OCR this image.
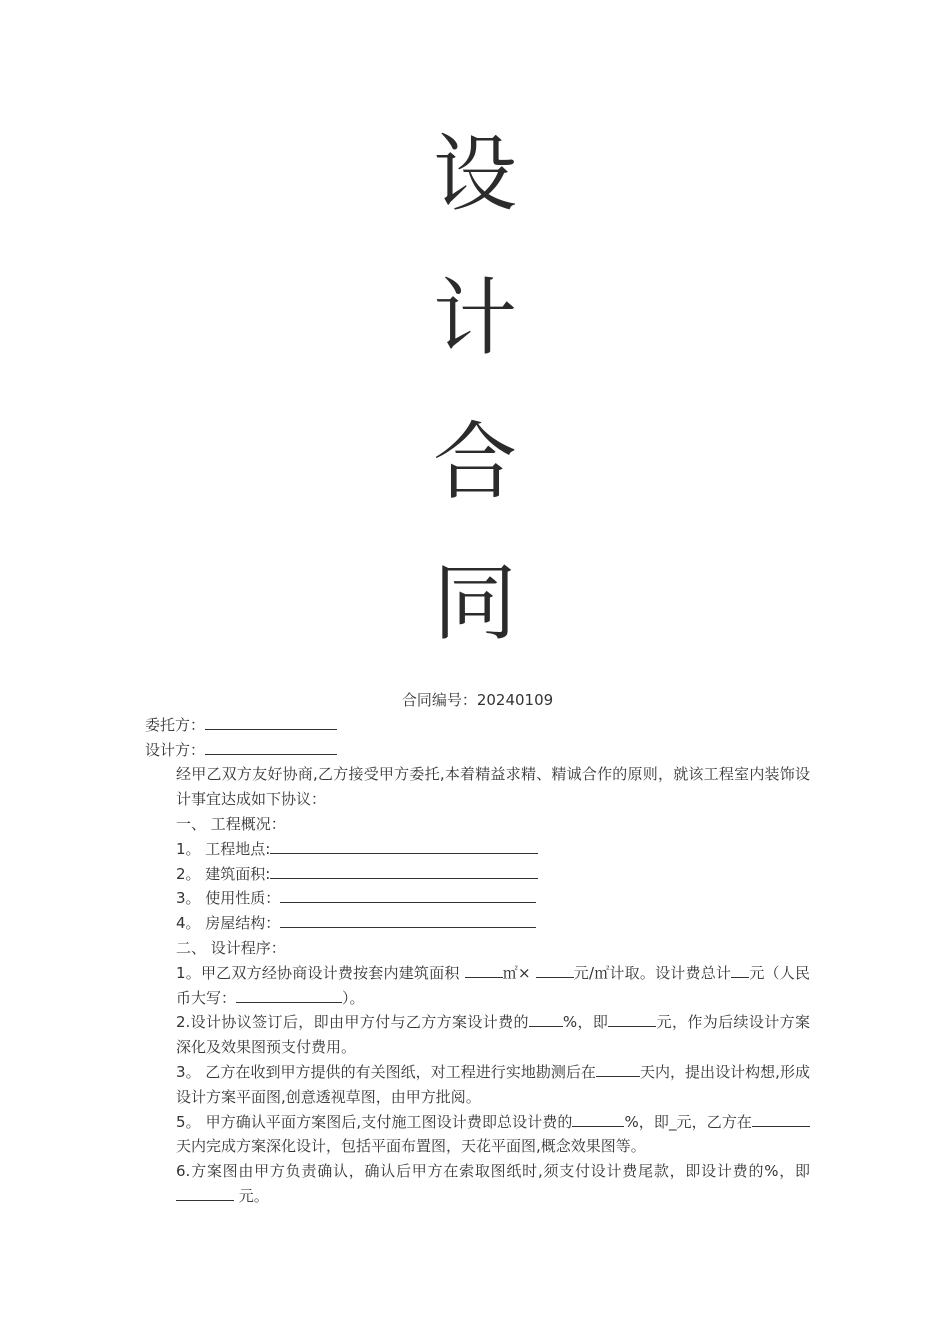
设
计
合
同

合同编号：20240109

委托方：

设计方：

经甲乙双方友好协商,乙方接受甲方委托,本着精益求精、精诚合作的原则，就该工程室内装饰设计事宜达成如下协议：

一、 工程概况：

1。 工程地点:

2。 建筑面积:

3。 使用性质：

4。 房屋结构：

二、 设计程序：

1。甲乙双方经协商设计费按套内建筑面积	㎡×	元/㎡计取。设计费总计 元（人民币大写：	）。

2.设计协议签订后，即由甲方付与乙方方案设计费的 %，即	元，作为后续设计方案深化及效果图预支付费用。

3。 乙方在收到甲方提供的有关图纸，对工程进行实地勘测后在	天内，提出设计构想,形成设计方案平面图,创意透视草图，由甲方批阅。

5。 甲方确认平面方案图后,支付施工图设计费即总设计费的	%，即_元，乙方在天内完成方案深化设计，包括平面布置图，天花平面图,概念效果图等。

6.方案图由甲方负责确认，确认后甲方在索取图纸时,须支付设计费尾款，即设计费的%，即 元。
